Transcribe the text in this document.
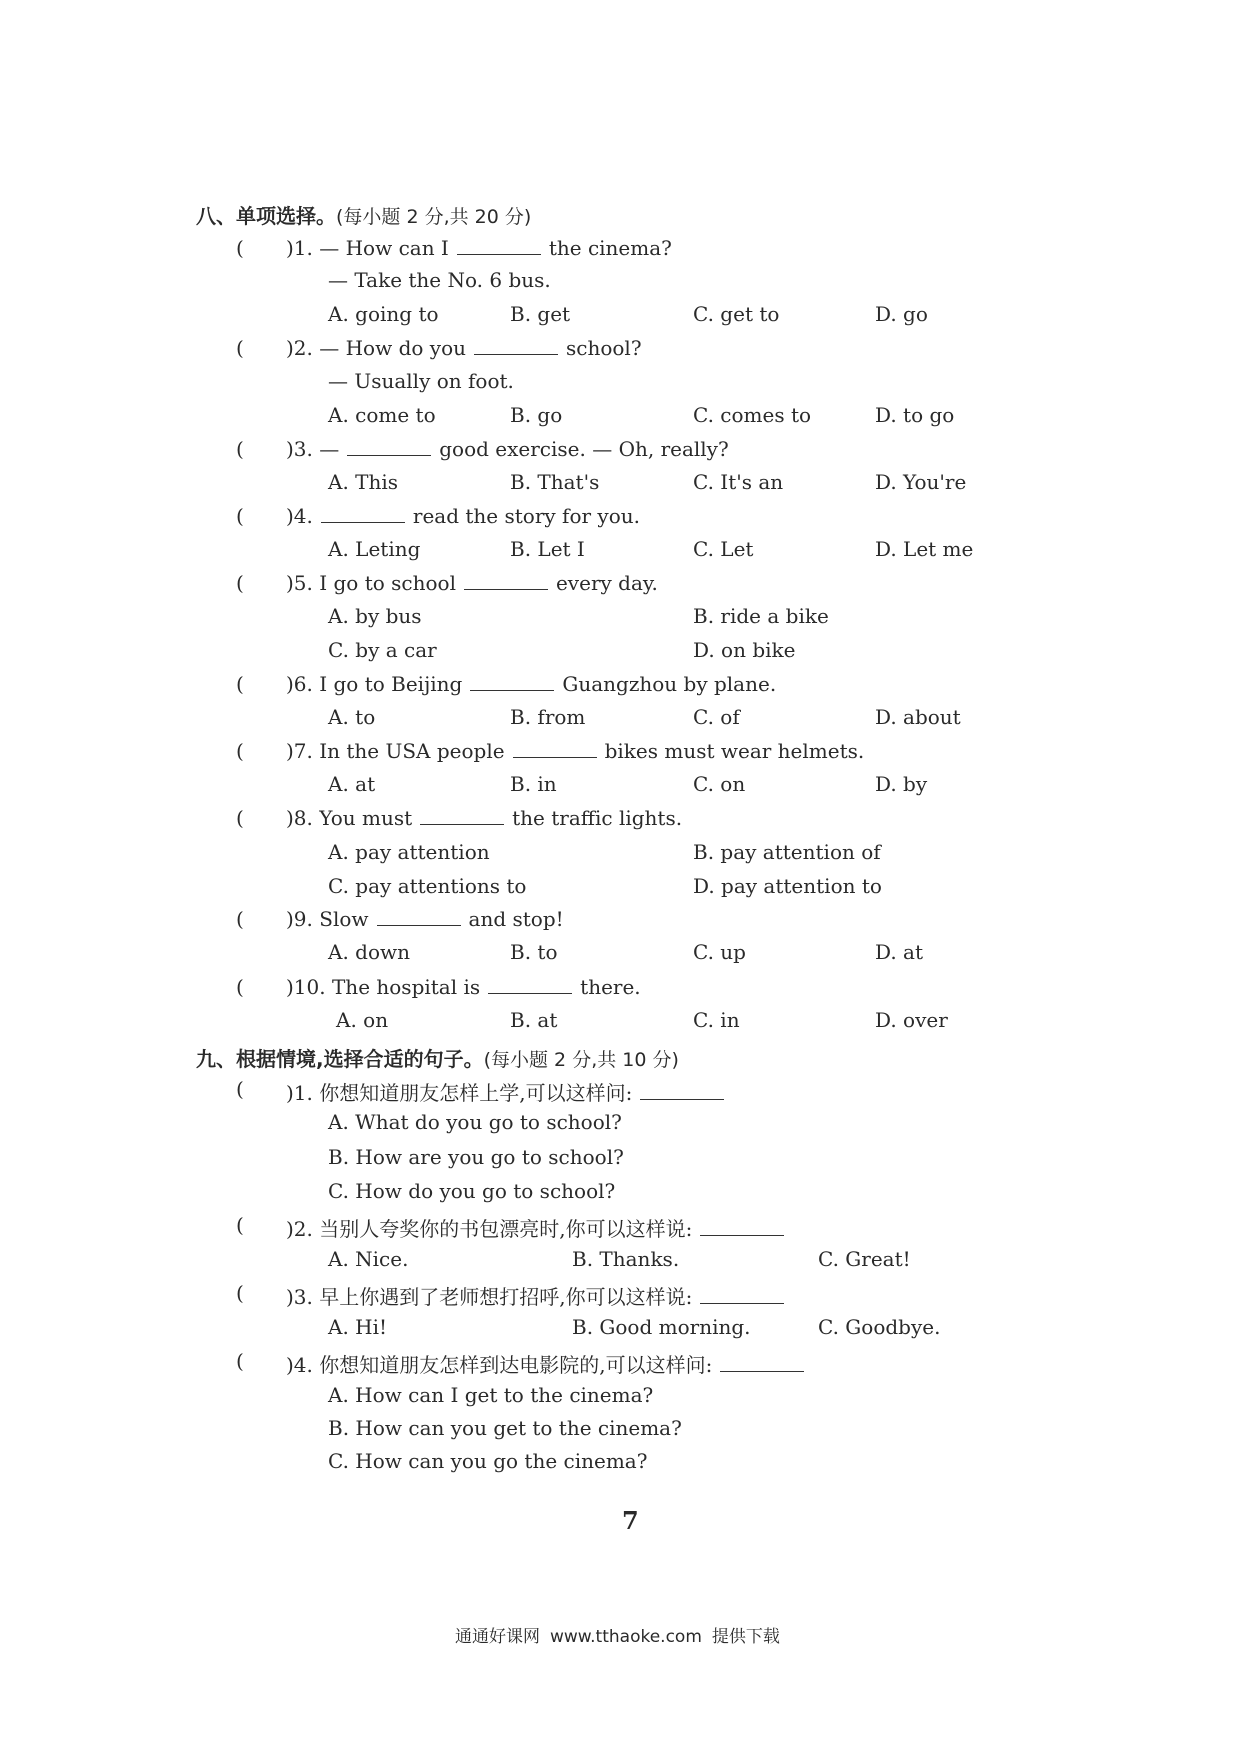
八、单项选择。(每小题 2 分,共 20 分)
( )1. — How can I	the cinema?
— Take the No. 6 bus.
A. going to	B. get	C. get to	D. go
( )2. — How do you	school?
— Usually on foot.
A. come to	B. go	C. comes to	D. to go
( )3. —	good exercise. — Oh, really?
A. This	B. That's	C. It's an	D. You're
( )4.	read the story for you.
A. Leting	B. Let I	C. Let	D. Let me
( )5. I go to school	every day.
A. by bus	B. ride a bike
C. by a car	D. on bike
( )6. I go to Beijing	Guangzhou by plane.
A. to	B. from	C. of	D. about
( )7. In the USA people	bikes must wear helmets.
A. at	B. in	C. on	D. by
( )8. You must	the traffic lights.
A. pay attention	B. pay attention of
C. pay attentions to	D. pay attention to
( )9. Slow	and stop!
A. down	B. to	C. up	D. at
( )10. The hospital is	there.
A. on	B. at	C. in	D. over
九、根据情境,选择合适的句子。(每小题 2 分,共 10 分)
( )1. 你想知道朋友怎样上学,可以这样问:
A. What do you go to school?
B. How are you go to school?
C. How do you go to school?
( )2. 当别人夸奖你的书包漂亮时,你可以这样说:
A. Nice.	B. Thanks.	C. Great!
( )3. 早上你遇到了老师想打招呼,你可以这样说:
A. Hi!	B. Good morning.	C. Goodbye.
( )4. 你想知道朋友怎样到达电影院的,可以这样问:
A. How can I get to the cinema?
B. How can you get to the cinema?
C. How can you go the cinema?
7
通通好课网 www.tthaoke.com 提供下载
